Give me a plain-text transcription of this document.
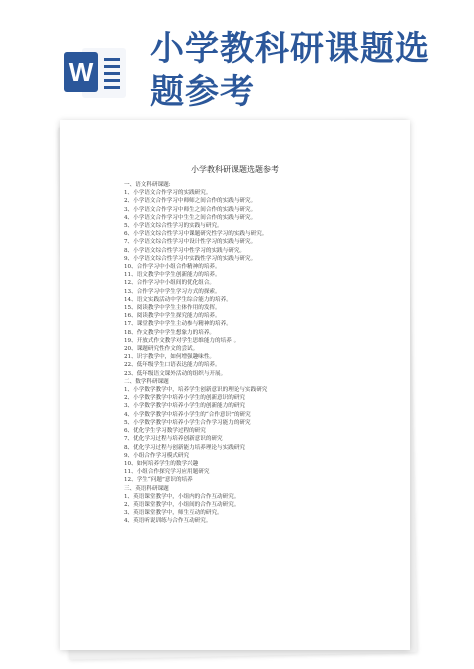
W
小学教科研课题选题参考
小学教科研课题选题参考
一、语文科研课题:
1、小学语文合作学习的实践研究。
2、小学语文合作学习中师师之间合作的实践与研究。
3、小学语文合作学习中师生之间合作的实践与研究。
4、小学语文合作学习中生生之间合作的实践与研究。
5、小学语文综合性学习的实践与研究。
6、小学语文综合性学习中课题研究性学习的实践与研究。
7、小学语文综合性学习中设计性学习的实践与研究。
8、小学语文综合性学习中性学习的实践与研究。
9、小学语文综合性学习中实践性学习的实践与研究。
10、合作学习中小组合作精神的培养。
11、语文教学中学生创新能力的培养。
12、合作学习中小组间的优化组合。
13、合作学习中学生学习方式的探索。
14、语文实践活动中学生综合能力的培养。
15、阅读教学中学生主体作用的发挥。
16、阅读教学中学生探究能力的培养。
17、课堂教学中学生主动参与精神的培养。
18、作文教学中学生想象力的培养。
19、开放式作文教学对学生思维能力的培养 。
20、课题研究性作文的尝试。
21、识字教学中，如何增强趣味性。
22、低年级学生口语表达能力的培养。
23、低年级语文课外活动的组织与开展。
二、数学科研课题
1、小学数学教学中，培养学生创新意识的理论与实践研究
2、小学数学教学中培养小学生的创新意识的研究
3、小学数学教学中培养小学生的创新能力的研究
4、小学数学教学中培养小学生的“合作意识”的研究
5、小学数学教学中培养小学生合作学习能力的研究
6、优化学生学习数学过程的研究
7、优化学习过程与培养创新意识的研究
8、优化学习过程与创新能力培养理论与实践研究
9、小组合作学习模式研究
10、如何培养学生的数学兴趣
11、小组合作探究学习应用题研究
12、学生“问题”意识的培养
三、英语科研课题
1、英语课堂教学中，小组内的合作互动研究。
2、英语课堂教学中，小组间的合作互动研究。
3、英语课堂教学中，师生互动的研究。
4、英语听说训练与合作互动研究。
